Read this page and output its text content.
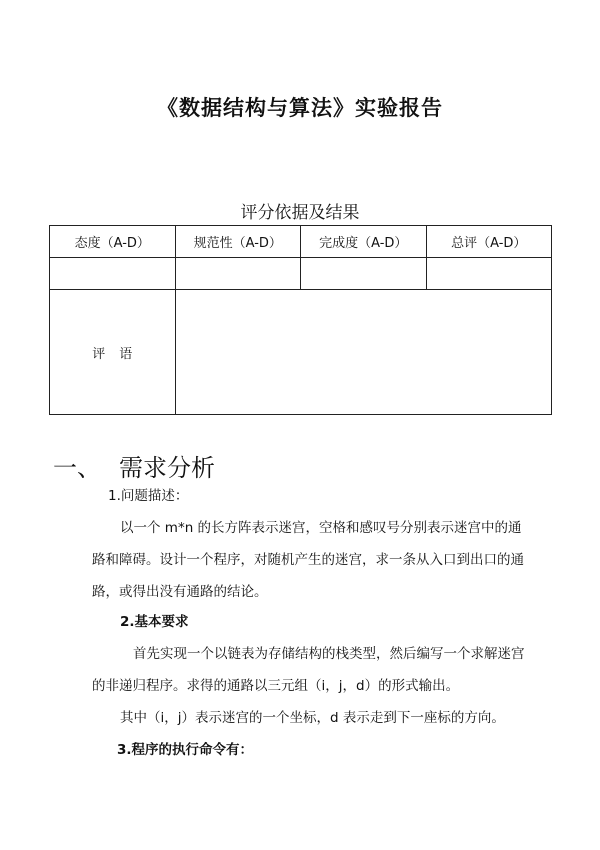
《数据结构与算法》实验报告
评分依据及结果
态度（A-D）	规范性（A-D）	完成度（A-D）	总评（A-D）

评语			
一、 需求分析
1.问题描述：
以一个 m*n 的长方阵表示迷宫，空格和感叹号分别表示迷宫中的通
路和障碍。设计一个程序，对随机产生的迷宫，求一条从入口到出口的通
路，或得出没有通路的结论。
2.基本要求
首先实现一个以链表为存储结构的栈类型，然后编写一个求解迷宫
的非递归程序。求得的通路以三元组（i，j，d）的形式输出。
其中（i，j）表示迷宫的一个坐标，d 表示走到下一座标的方向。
3.程序的执行命令有：
